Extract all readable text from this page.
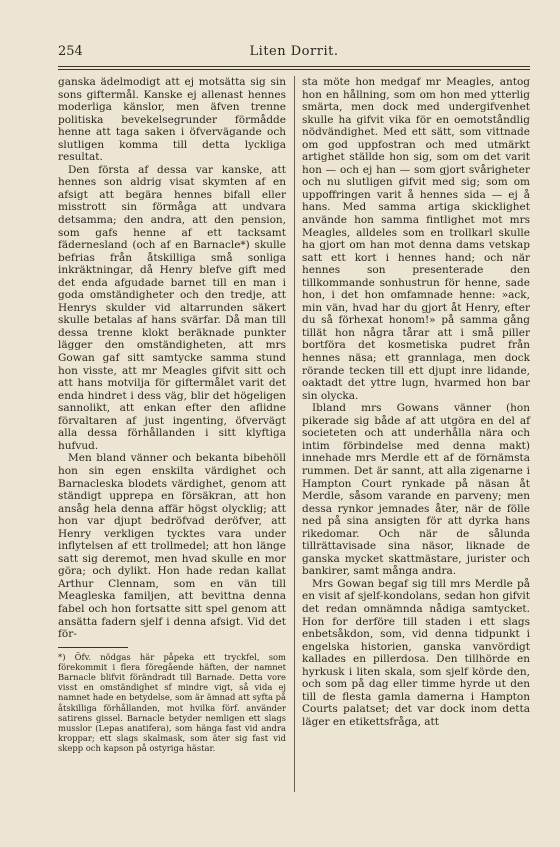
254	Liten Dorrit.

ganska ädelmodigt att ej motsätta sig sin sons giftermål. Kanske ej allenast hennes moderliga känslor, men äfven trenne politiska bevekelsegrunder förmådde henne att taga saken i öfvervägande och slutligen komma till detta lyckliga resultat.

Den första af dessa var kanske, att hennes son aldrig visat skymten af en afsigt att begära hennes bifall eller misstrott sin förmåga att undvara detsamma; den andra, att den pension, som gafs henne af ett tacksamt fädernesland (och af en Barnacle*) skulle befrias från åtskilliga små sonliga inkräktningar, då Henry blefve gift med det enda afgudade barnet till en man i goda omständigheter och den tredje, att Henrys skulder vid altarrunden säkert skulle betalas af hans svärfar. Då man till dessa trenne klokt beräknade punkter lägger den omständigheten, att mrs Gowan gaf sitt samtycke samma stund hon visste, att mr Meagles gifvit sitt och att hans motvilja för giftermålet varit det enda hindret i dess väg, blir det högeligen sannolikt, att enkan efter den aflidne förvaltaren af just ingenting, öfvervägt alla dessa förhållanden i sitt klyftiga hufvud.

Men bland vänner och bekanta bibehöll hon sin egen enskilta värdighet och Barnacleska blodets värdighet, genom att ständigt upprepa en försäkran, att hon ansåg hela denna affär högst olycklig; att hon var djupt bedröfvad deröfver, att Henry verkligen tycktes vara under inflytelsen af ett trollmedel; att hon länge satt sig deremot, men hvad skulle en mor göra; och dylikt. Hon hade redan kallat Arthur Clennam, som en vän till Meagleska familjen, att bevittna denna fabel och hon fortsatte sitt spel genom att ansätta fadern sjelf i denna afsigt. Vid det för-

*) Öfv. nödgas här påpeka ett tryckfel, som förekommit i flera föregående häften, der namnet Barnacle blifvit förändradt till Barnade. Detta vore visst en omständighet sf mindre vigt, så vida ej namnet hade en betydelse, som är ämnad att syfta på åtskilliga förhållanden, mot hvilka förf. använder satirens gissel. Barnacle betyder nemligen ett slags musslor (Lepas anatifera), som hänga fast vid andra kroppar; ett slags skalmask, som äter sig fast vid skepp och kapson på ostyriga hästar.

sta möte hon medgaf mr Meagles, antog hon en hållning, som om hon med ytterlig smärta, men dock med undergifvenhet skulle ha gifvit vika för en oemotståndlig nödvändighet. Med ett sätt, som vittnade om god uppfostran och med utmärkt artighet ställde hon sig, som om det varit hon — och ej han — som gjort svårigheter och nu slutligen gifvit med sig; som om uppoffringen varit å hennes sida — ej å hans. Med samma artiga skicklighet använde hon samma fintlighet mot mrs Meagles, alldeles som en trollkarl skulle ha gjort om han mot denna dams vetskap satt ett kort i hennes hand; och när hennes son presenterade den tillkommande sonhustrun för henne, sade hon, i det hon omfamnade henne: »ack, min vän, hvad har du gjort åt Henry, efter du så förhexat honom!» på samma gång tillät hon några tårar att i små piller bortföra det kosmetiska pudret från hennes näsa; ett grannlaga, men dock rörande tecken till ett djupt inre lidande, oaktadt det yttre lugn, hvarmed hon bar sin olycka.

Ibland mrs Gowans vänner (hon pikerade sig både af att utgöra en del af societeten och att underhålla nära och intim förbindelse med denna makt) innehade mrs Merdle ett af de förnämsta rummen. Det är sannt, att alla zigenarne i Hampton Court rynkade på näsan åt Merdle, såsom varande en parveny; men dessa rynkor jemnades åter, när de fölle ned på sina ansigten för att dyrka hans rikedomar. Och när de sålunda tillrättavisade sina näsor, liknade de ganska mycket skattmästare, jurister och bankirer, samt många andra.

Mrs Gowan begaf sig till mrs Merdle på en visit af sjelf-kondolans, sedan hon gifvit det redan omnämnda nådiga samtycket. Hon for derföre till staden i ett slags enbetsåkdon, som, vid denna tidpunkt i engelska historien, ganska vanvördigt kallades en pillerdosa. Den tillhörde en hyrkusk i liten skala, som sjelf körde den, och som på dag eller timme hyrde ut den till de flesta gamla damerna i Hampton Courts palatset; det var dock inom detta läger en etikettsfråga, att
